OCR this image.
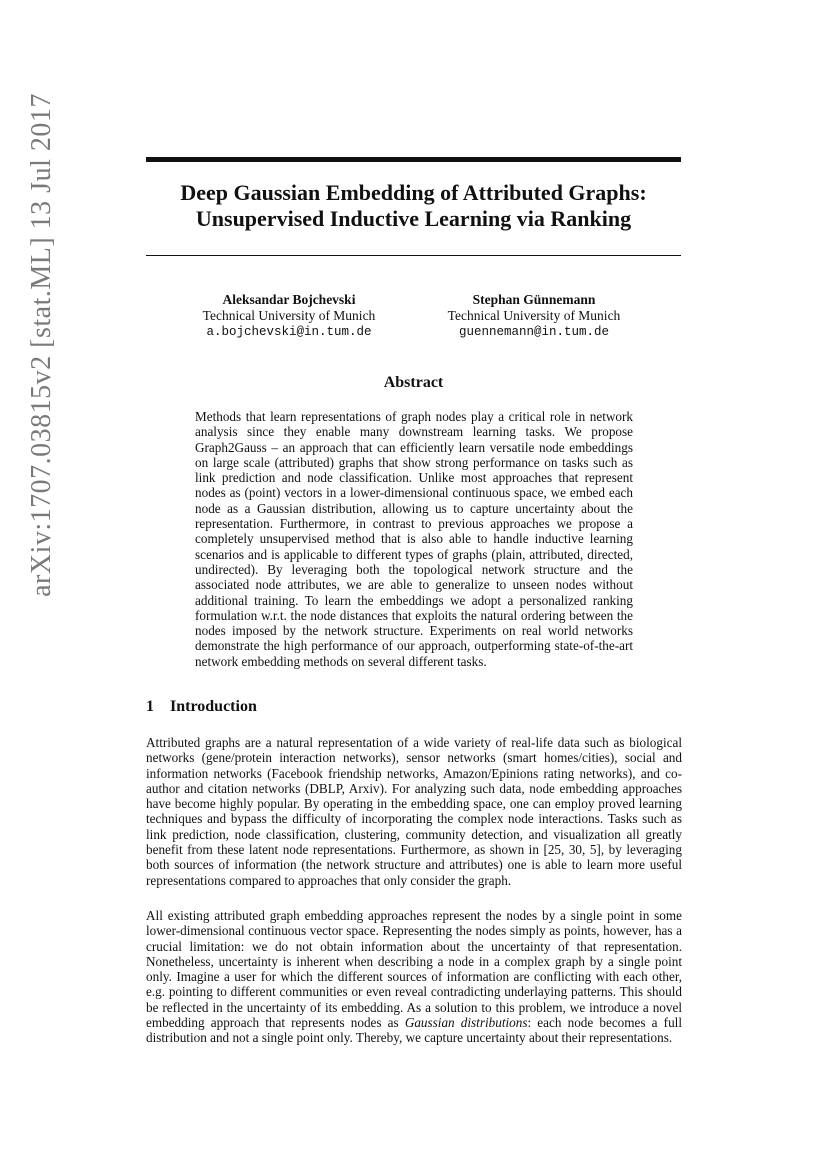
arXiv:1707.03815v2 [stat.ML] 13 Jul 2017	Deep Gaussian Embedding of Attributed Graphs:
Unsupervised Inductive Learning via Ranking
Aleksandar Bojchevski
Technical University of Munich
a.bojchevski@in.tum.de
Stephan Günnemann
Technical University of Munich
guennemann@in.tum.de
Abstract
Methods that learn representations of graph nodes play a critical role in network analysis since they enable many downstream learning tasks. We propose Graph2Gauss – an approach that can efficiently learn versatile node embeddings on large scale (attributed) graphs that show strong performance on tasks such as link prediction and node classification. Unlike most approaches that represent nodes as (point) vectors in a lower-dimensional continuous space, we embed each node as a Gaussian distribution, allowing us to capture uncertainty about the representation. Furthermore, in contrast to previous approaches we propose a completely unsupervised method that is also able to handle inductive learning scenarios and is applicable to different types of graphs (plain, attributed, directed, undirected). By leveraging both the topological network structure and the associated node attributes, we are able to generalize to unseen nodes without additional training. To learn the embeddings we adopt a personalized ranking formulation w.r.t. the node distances that exploits the natural ordering between the nodes imposed by the network structure. Experiments on real world networks demonstrate the high performance of our approach, outperforming state-of-the-art network embedding methods on several different tasks.
1 Introduction
Attributed graphs are a natural representation of a wide variety of real-life data such as biological networks (gene/protein interaction networks), sensor networks (smart homes/cities), social and information networks (Facebook friendship networks, Amazon/Epinions rating networks), and co-author and citation networks (DBLP, Arxiv). For analyzing such data, node embedding approaches have become highly popular. By operating in the embedding space, one can employ proved learning techniques and bypass the difficulty of incorporating the complex node interactions. Tasks such as link prediction, node classification, clustering, community detection, and visualization all greatly benefit from these latent node representations. Furthermore, as shown in [25, 30, 5], by leveraging both sources of information (the network structure and attributes) one is able to learn more useful representations compared to approaches that only consider the graph.
All existing attributed graph embedding approaches represent the nodes by a single point in some lower-dimensional continuous vector space. Representing the nodes simply as points, however, has a crucial limitation: we do not obtain information about the uncertainty of that representation. Nonetheless, uncertainty is inherent when describing a node in a complex graph by a single point only. Imagine a user for which the different sources of information are conflicting with each other, e.g. pointing to different communities or even reveal contradicting underlaying patterns. This should be reflected in the uncertainty of its embedding. As a solution to this problem, we introduce a novel embedding approach that represents nodes as Gaussian distributions: each node becomes a full distribution and not a single point only. Thereby, we capture uncertainty about their representations.
